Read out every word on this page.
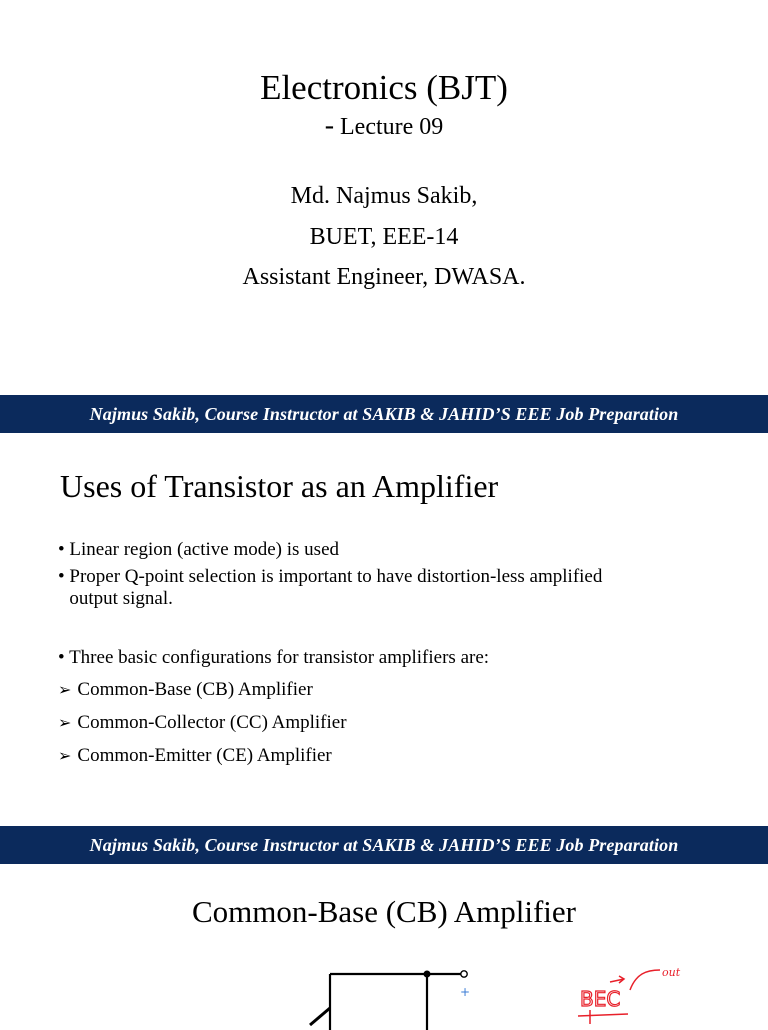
Electronics (BJT)
- Lecture 09
Md. Najmus Sakib,
BUET, EEE-14
Assistant Engineer, DWASA.
Najmus Sakib, Course Instructor at SAKIB & JAHID’S EEE Job Preparation
Uses of Transistor as an Amplifier
• Linear region (active mode) is used
• Proper Q-point selection is important to have distortion-less amplified output signal.
• Three basic configurations for transistor amplifiers are:
➢ Common-Base (CB) Amplifier
➢ Common-Collector (CC) Amplifier
➢ Common-Emitter (CE) Amplifier
Najmus Sakib, Course Instructor at SAKIB & JAHID’S EEE Job Preparation
Common-Base (CB) Amplifier
+	BEC
out
